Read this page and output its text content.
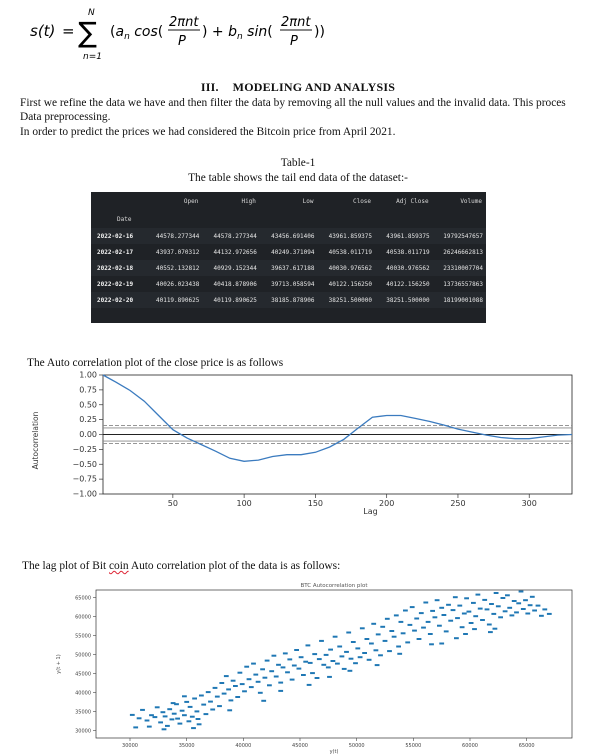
s(t) =
N
∑
n=1
($a_n$ cos(
2πnt
P
) + $b_n$ sin(
2πnt
P
))
III. MODELING AND ANALYSIS
First we refine the data we have and then filter the data by removing all the null values and the invalid data. This proces
Data preprocessing.
In order to predict the prices we had considered the Bitcoin price from April 2021.
Table-1
The table shows the tail end data of the dataset:-
	Open	High	Low	Close	Adj Close	Volume
Date						
2022-02-16	44578.277344	44578.277344	43456.691406	43961.859375	43961.859375	19792547657
2022-02-17	43937.070312	44132.972656	40249.371094	40538.011719	40538.011719	26246662813
2022-02-18	40552.132812	40929.152344	39637.617188	40030.976562	40030.976562	23310007704
2022-02-19	40026.023438	40418.878906	39713.058594	40122.156250	40122.156250	13736557863
2022-02-20	40119.890625	40119.890625	38185.878906	38251.500000	38251.500000	18199001088
The Auto correlation plot of the close price is as follows
1.00
0.75
0.50
0.25
0.00
−0.25
−0.50
−0.75
−1.00
50	100	150	200	250	300
Lag
Autocorrelation
The lag plot of Bit coin Auto correlation plot of the data is as follows:
BTC Autocorrelation plot
30000
35000
40000
45000
50000
55000
60000
65000
30000	35000	40000	45000	50000	55000	60000	65000
y(t)
y(t + 1)
